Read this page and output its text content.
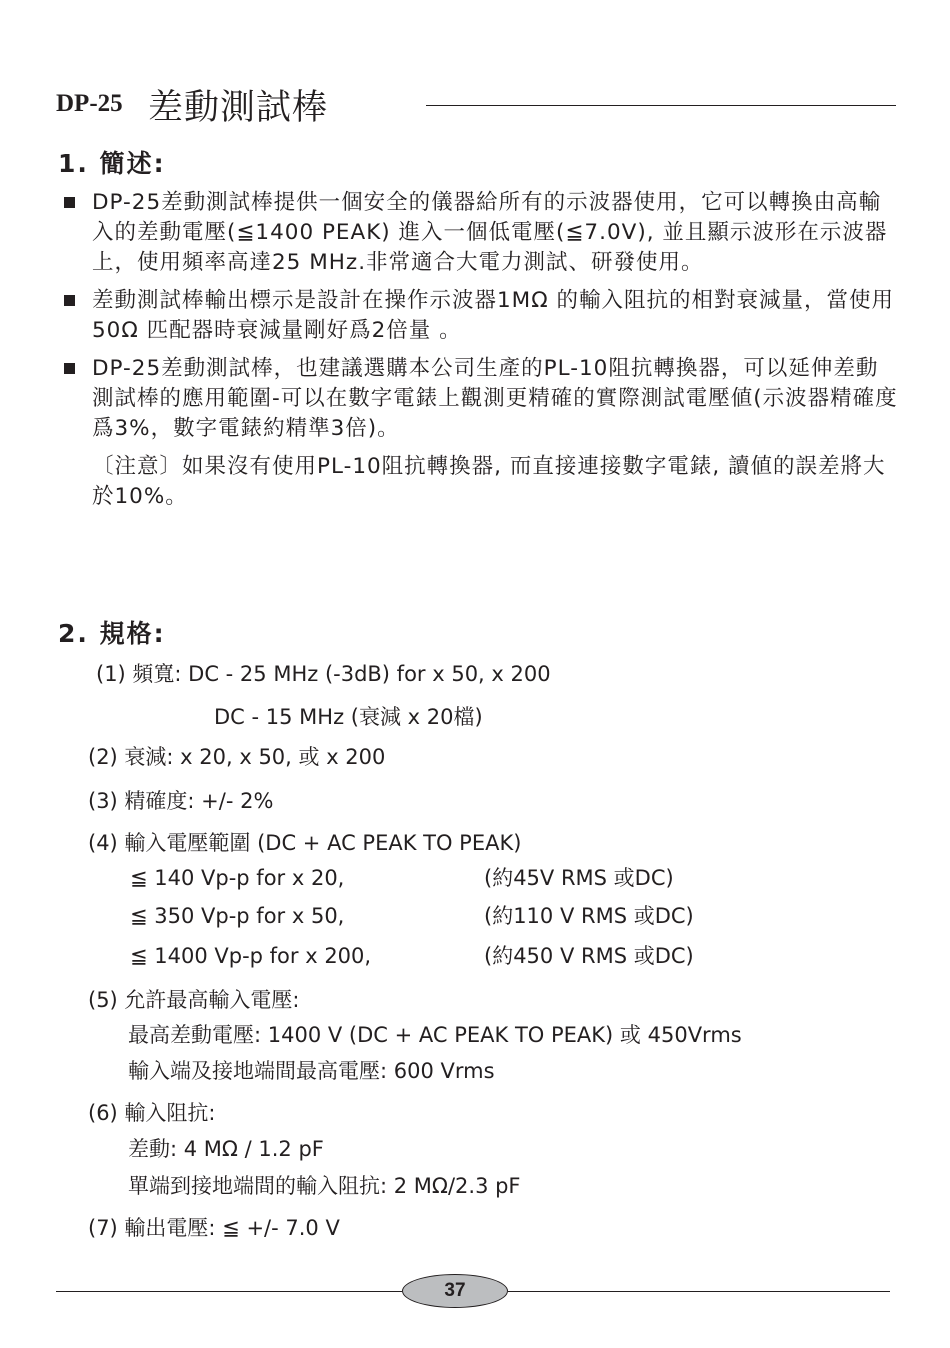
DP-25 差動測試棒
1. 簡述:
DP-25差動測試棒提供一個安全的儀器給所有的示波器使用，它可以轉換由高輸入的差動電壓(≦1400 PEAK) 進入一個低電壓(≦7.0V), 並且顯示波形在示波器上，使用頻率高達25 MHz.非常適合大電力測試、研發使用。
差動測試棒輸出標示是設計在操作示波器1MΩ 的輸入阻抗的相對衰減量，當使用50Ω 匹配器時衰減量剛好爲2倍量 。
DP-25差動測試棒，也建議選購本公司生產的PL-10阻抗轉換器，可以延伸差動測試棒的應用範圍-可以在數字電錶上觀測更精確的實際測試電壓値(示波器精確度爲3%，數字電錶約精準3倍)。
〔注意〕如果沒有使用PL-10阻抗轉換器, 而直接連接數字電錶, 讀値的誤差將大於10%。
2. 規格:
(1) 頻寬: DC - 25 MHz (-3dB) for x 50, x 200
DC - 15 MHz (衰減 x 20檔)
(2) 衰減: x 20, x 50, 或 x 200
(3) 精確度: +/- 2%
(4) 輸入電壓範圍 (DC + AC PEAK TO PEAK)
≦ 140 Vp-p for x 20,	(約45V RMS 或DC)
≦ 350 Vp-p for x 50,	(約110 V RMS 或DC)
≦ 1400 Vp-p for x 200,	(約450 V RMS 或DC)
(5) 允許最高輸入電壓:
最高差動電壓: 1400 V (DC + AC PEAK TO PEAK) 或 450Vrms
輸入端及接地端間最高電壓: 600 Vrms
(6) 輸入阻抗:
差動: 4 MΩ / 1.2 pF
單端到接地端間的輸入阻抗: 2 MΩ/2.3 pF
(7) 輸出電壓: ≦ +/- 7.0 V
37
